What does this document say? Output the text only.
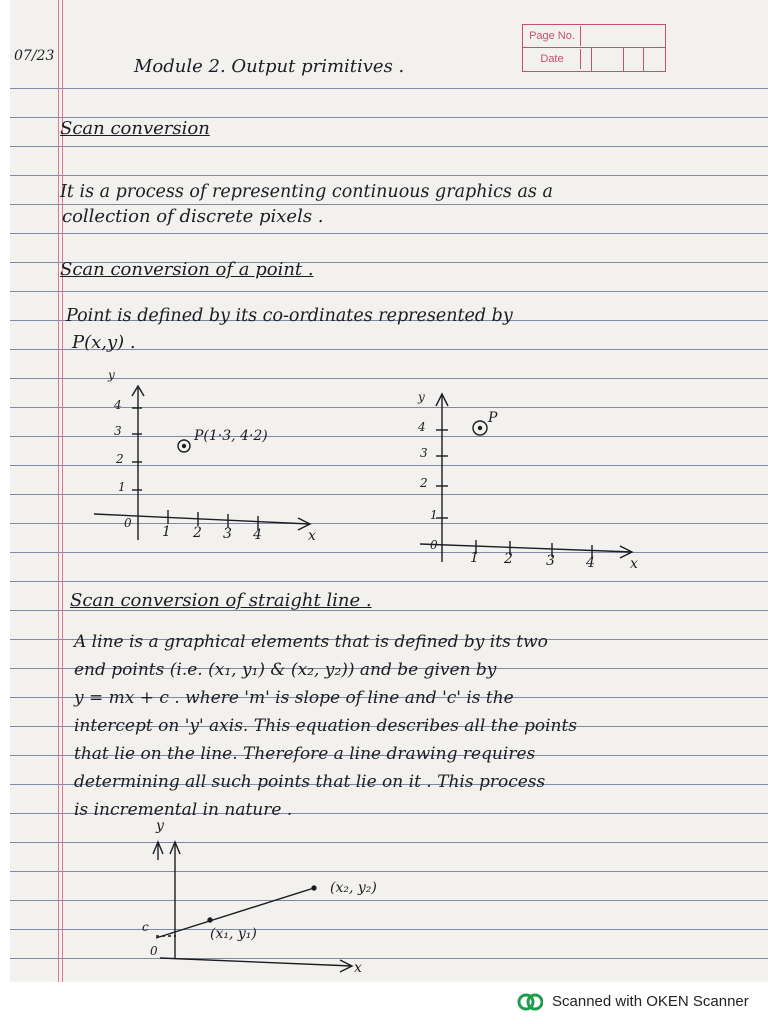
Page No.
Date
07/23	Module 2. Output primitives .
Scan conversion
It is a process of representing continuous graphics as a
collection of discrete pixels .
Scan conversion of a point .
Point is defined by its co-ordinates represented by
P(x,y) .
Scan conversion of straight line .
A line is a graphical elements that is defined by its two
end points (i.e. (x₁, y₁) & (x₂, y₂)) and be given by
y = mx + c . where 'm' is slope of line and 'c' is the
intercept on 'y' axis. This equation describes all the points
that lie on the line. Therefore a line drawing requires
determining all such points that lie on it . This process
is incremental in nature .
y
4
3
2
1
0
1 2 3 4	x
P(1·3, 4·2)
y
4
3
2
1
0
1 2 3 4	x
P
y
c
0
(x₁, y₁)
(x₂, y₂)
x
Scanned with OKEN Scanner
